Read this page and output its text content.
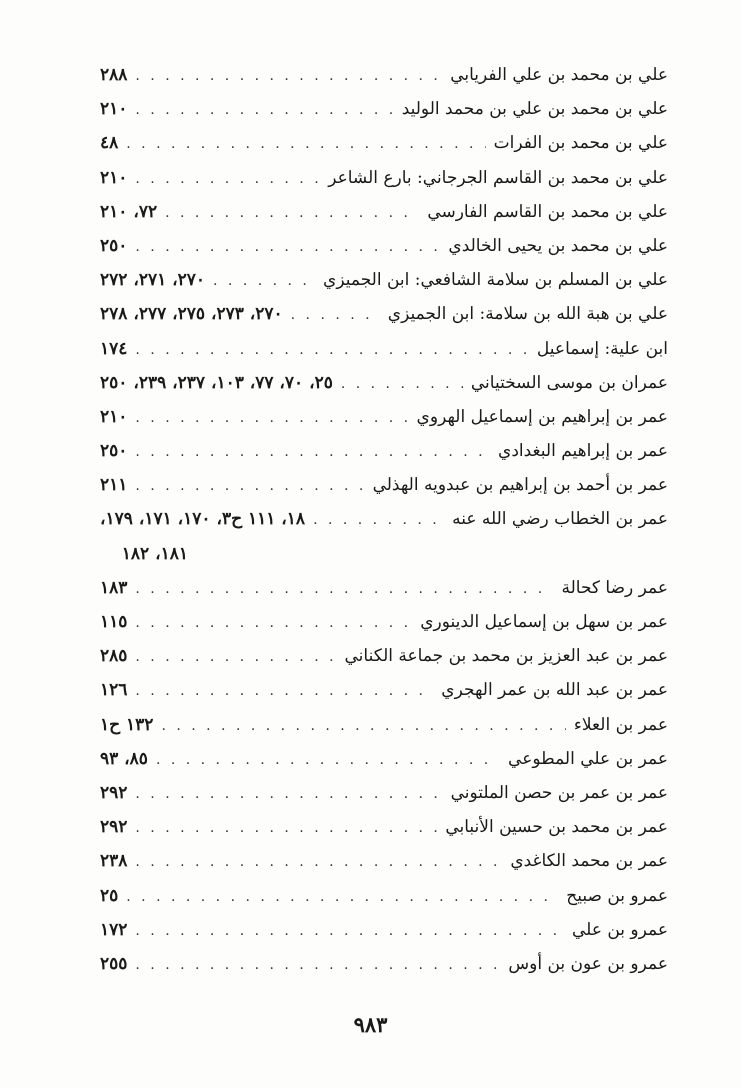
علي بن محمد بن علي الفريابي
. . .
٢٨٨
علي بن محمد بن علي بن محمد الوليد
. . .
٢١٠
علي بن محمد بن الفرات
. . .
٤٨
علي بن محمد بن القاسم الجرجاني: بارع الشاعر
. . .
٢١٠
علي بن محمد بن القاسم الفارسي
. . .
٧٢، ٢١٠
علي بن محمد بن يحيى الخالدي
. . .
٢٥٠
علي بن المسلم بن سلامة الشافعي: ابن الجميزي
. . .
٢٧٠، ٢٧١، ٢٧٢
علي بن هبة الله بن سلامة: ابن الجميزي
. . .
٢٧٠، ٢٧٣، ٢٧٥، ٢٧٧، ٢٧٨
ابن علية: إسماعيل
. . .
١٧٤
عمران بن موسى السختياني
. . .
٢٥، ٧٠، ٧٧، ١٠٣، ٢٣٧، ٢٣٩، ٢٥٠
عمر بن إبراهيم بن إسماعيل الهروي
. . .
٢١٠
عمر بن إبراهيم البغدادي
. . .
٢٥٠
عمر بن أحمد بن إبراهيم بن عبدويه الهذلي
. . .
٢١١
عمر بن الخطاب رضي الله عنه
. . .
١٨، ١١١ ح٣، ١٧٠، ١٧١، ١٧٩،
١٨١، ١٨٢
عمر رضا كحالة
. . .
١٨٣
عمر بن سهل بن إسماعيل الدينوري
. . .
١١٥
عمر بن عبد العزيز بن محمد بن جماعة الكناني
. . .
٢٨٥
عمر بن عبد الله بن عمر الهجري
. . .
١٢٦
عمر بن العلاء
. . .
١٣٢ ح١
عمر بن علي المطوعي
. . .
٨٥، ٩٣
عمر بن عمر بن حصن الملتوني
. . .
٢٩٢
عمر بن محمد بن حسين الأنبابي
. . .
٢٩٢
عمر بن محمد الكاغدي
. . .
٢٣٨
عمرو بن صبيح
. . .
٢٥
عمرو بن علي
. . .
١٧٢
عمرو بن عون بن أوس
. . .
٢٥٥
٩٨٣
